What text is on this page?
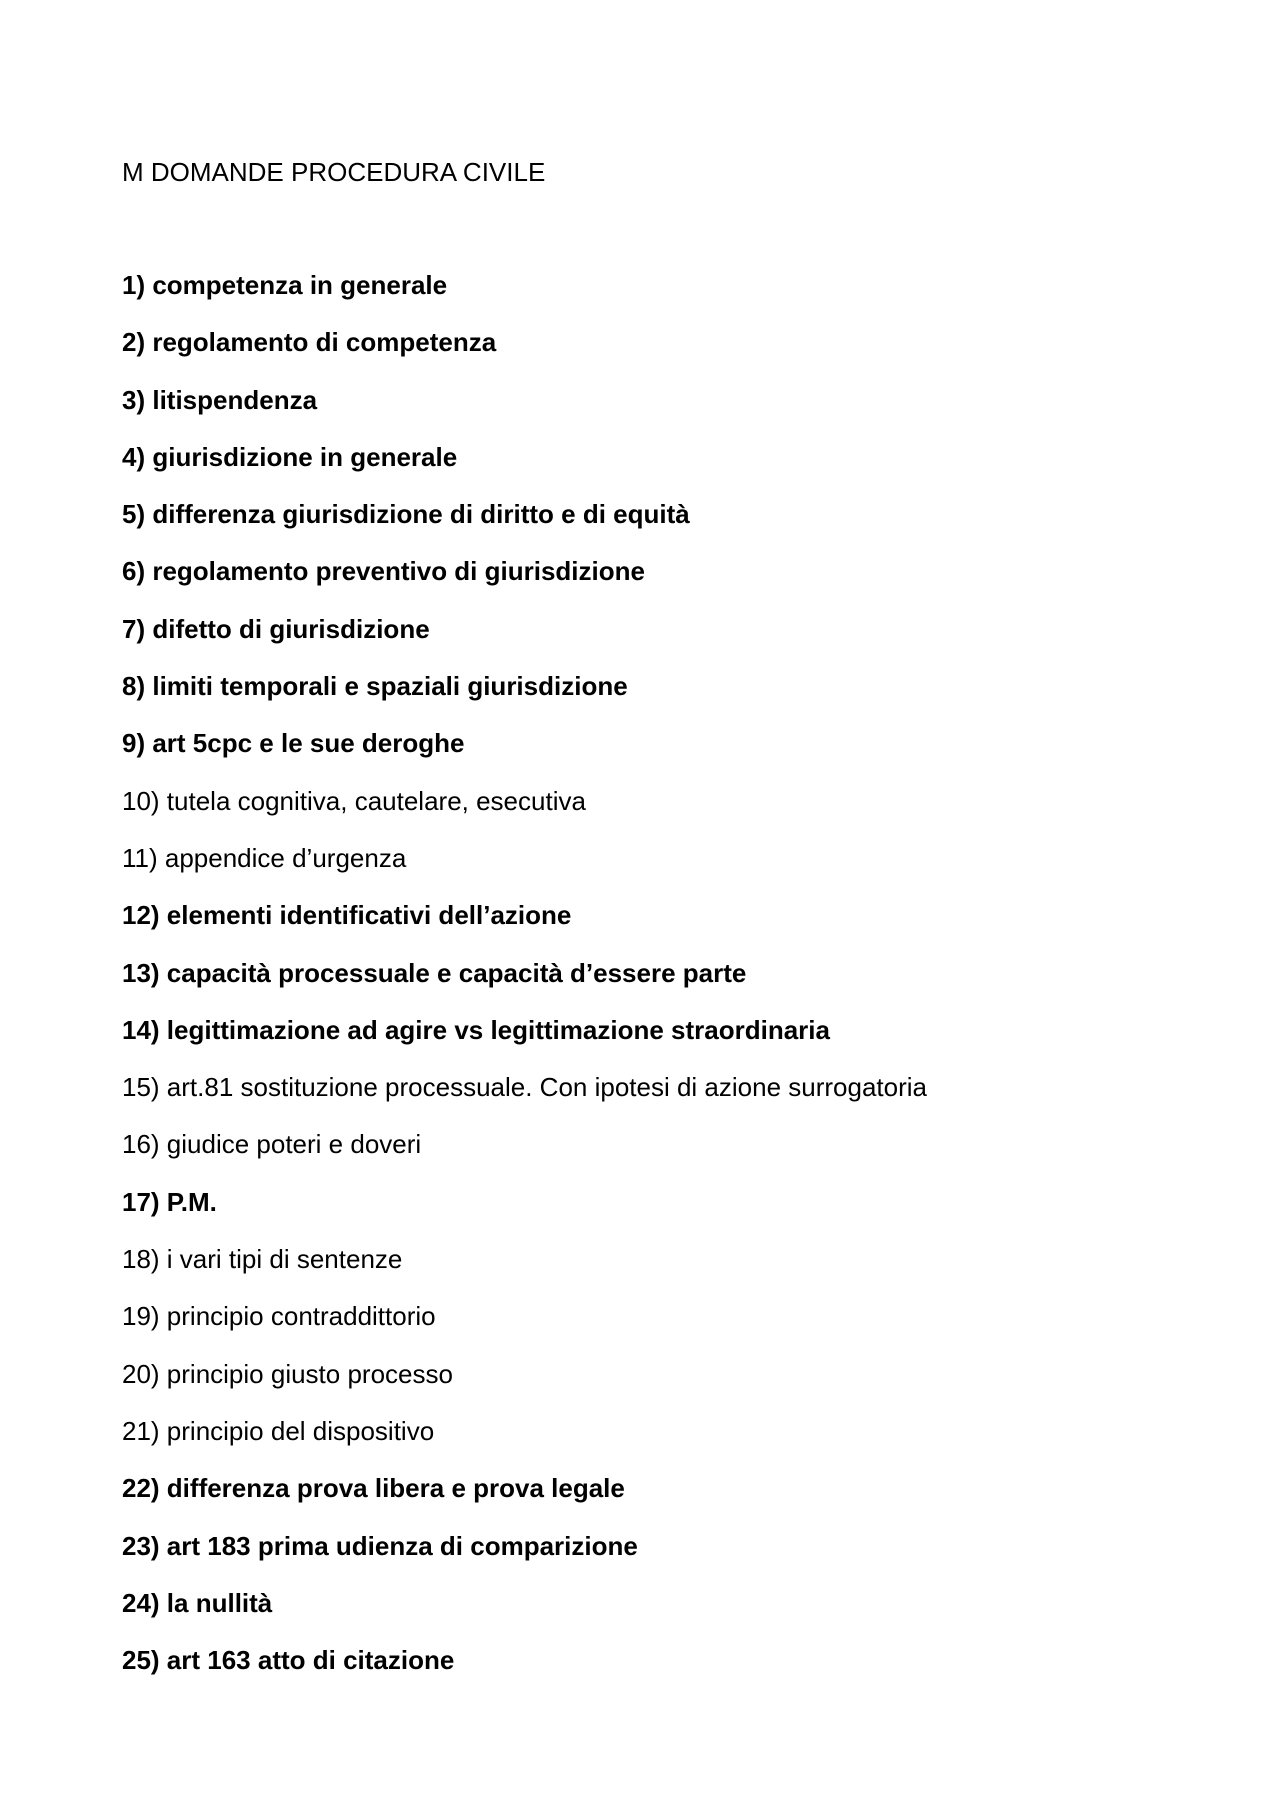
M DOMANDE PROCEDURA CIVILE
1) competenza in generale
2) regolamento di competenza
3) litispendenza
4) giurisdizione in generale
5) differenza giurisdizione di diritto e di equità
6) regolamento preventivo di giurisdizione
7) difetto di giurisdizione
8) limiti temporali e spaziali giurisdizione
9) art 5cpc e le sue deroghe
10) tutela cognitiva, cautelare, esecutiva
11) appendice d’urgenza
12) elementi identificativi dell’azione
13) capacità processuale e capacità d’essere parte
14) legittimazione ad agire vs legittimazione straordinaria
15) art.81 sostituzione processuale. Con ipotesi di azione surrogatoria
16) giudice poteri e doveri
17) P.M.
18) i vari tipi di sentenze
19) principio contraddittorio
20) principio giusto processo
21) principio del dispositivo
22) differenza prova libera e prova legale
23) art 183 prima udienza di comparizione
24) la nullità
25) art 163 atto di citazione
